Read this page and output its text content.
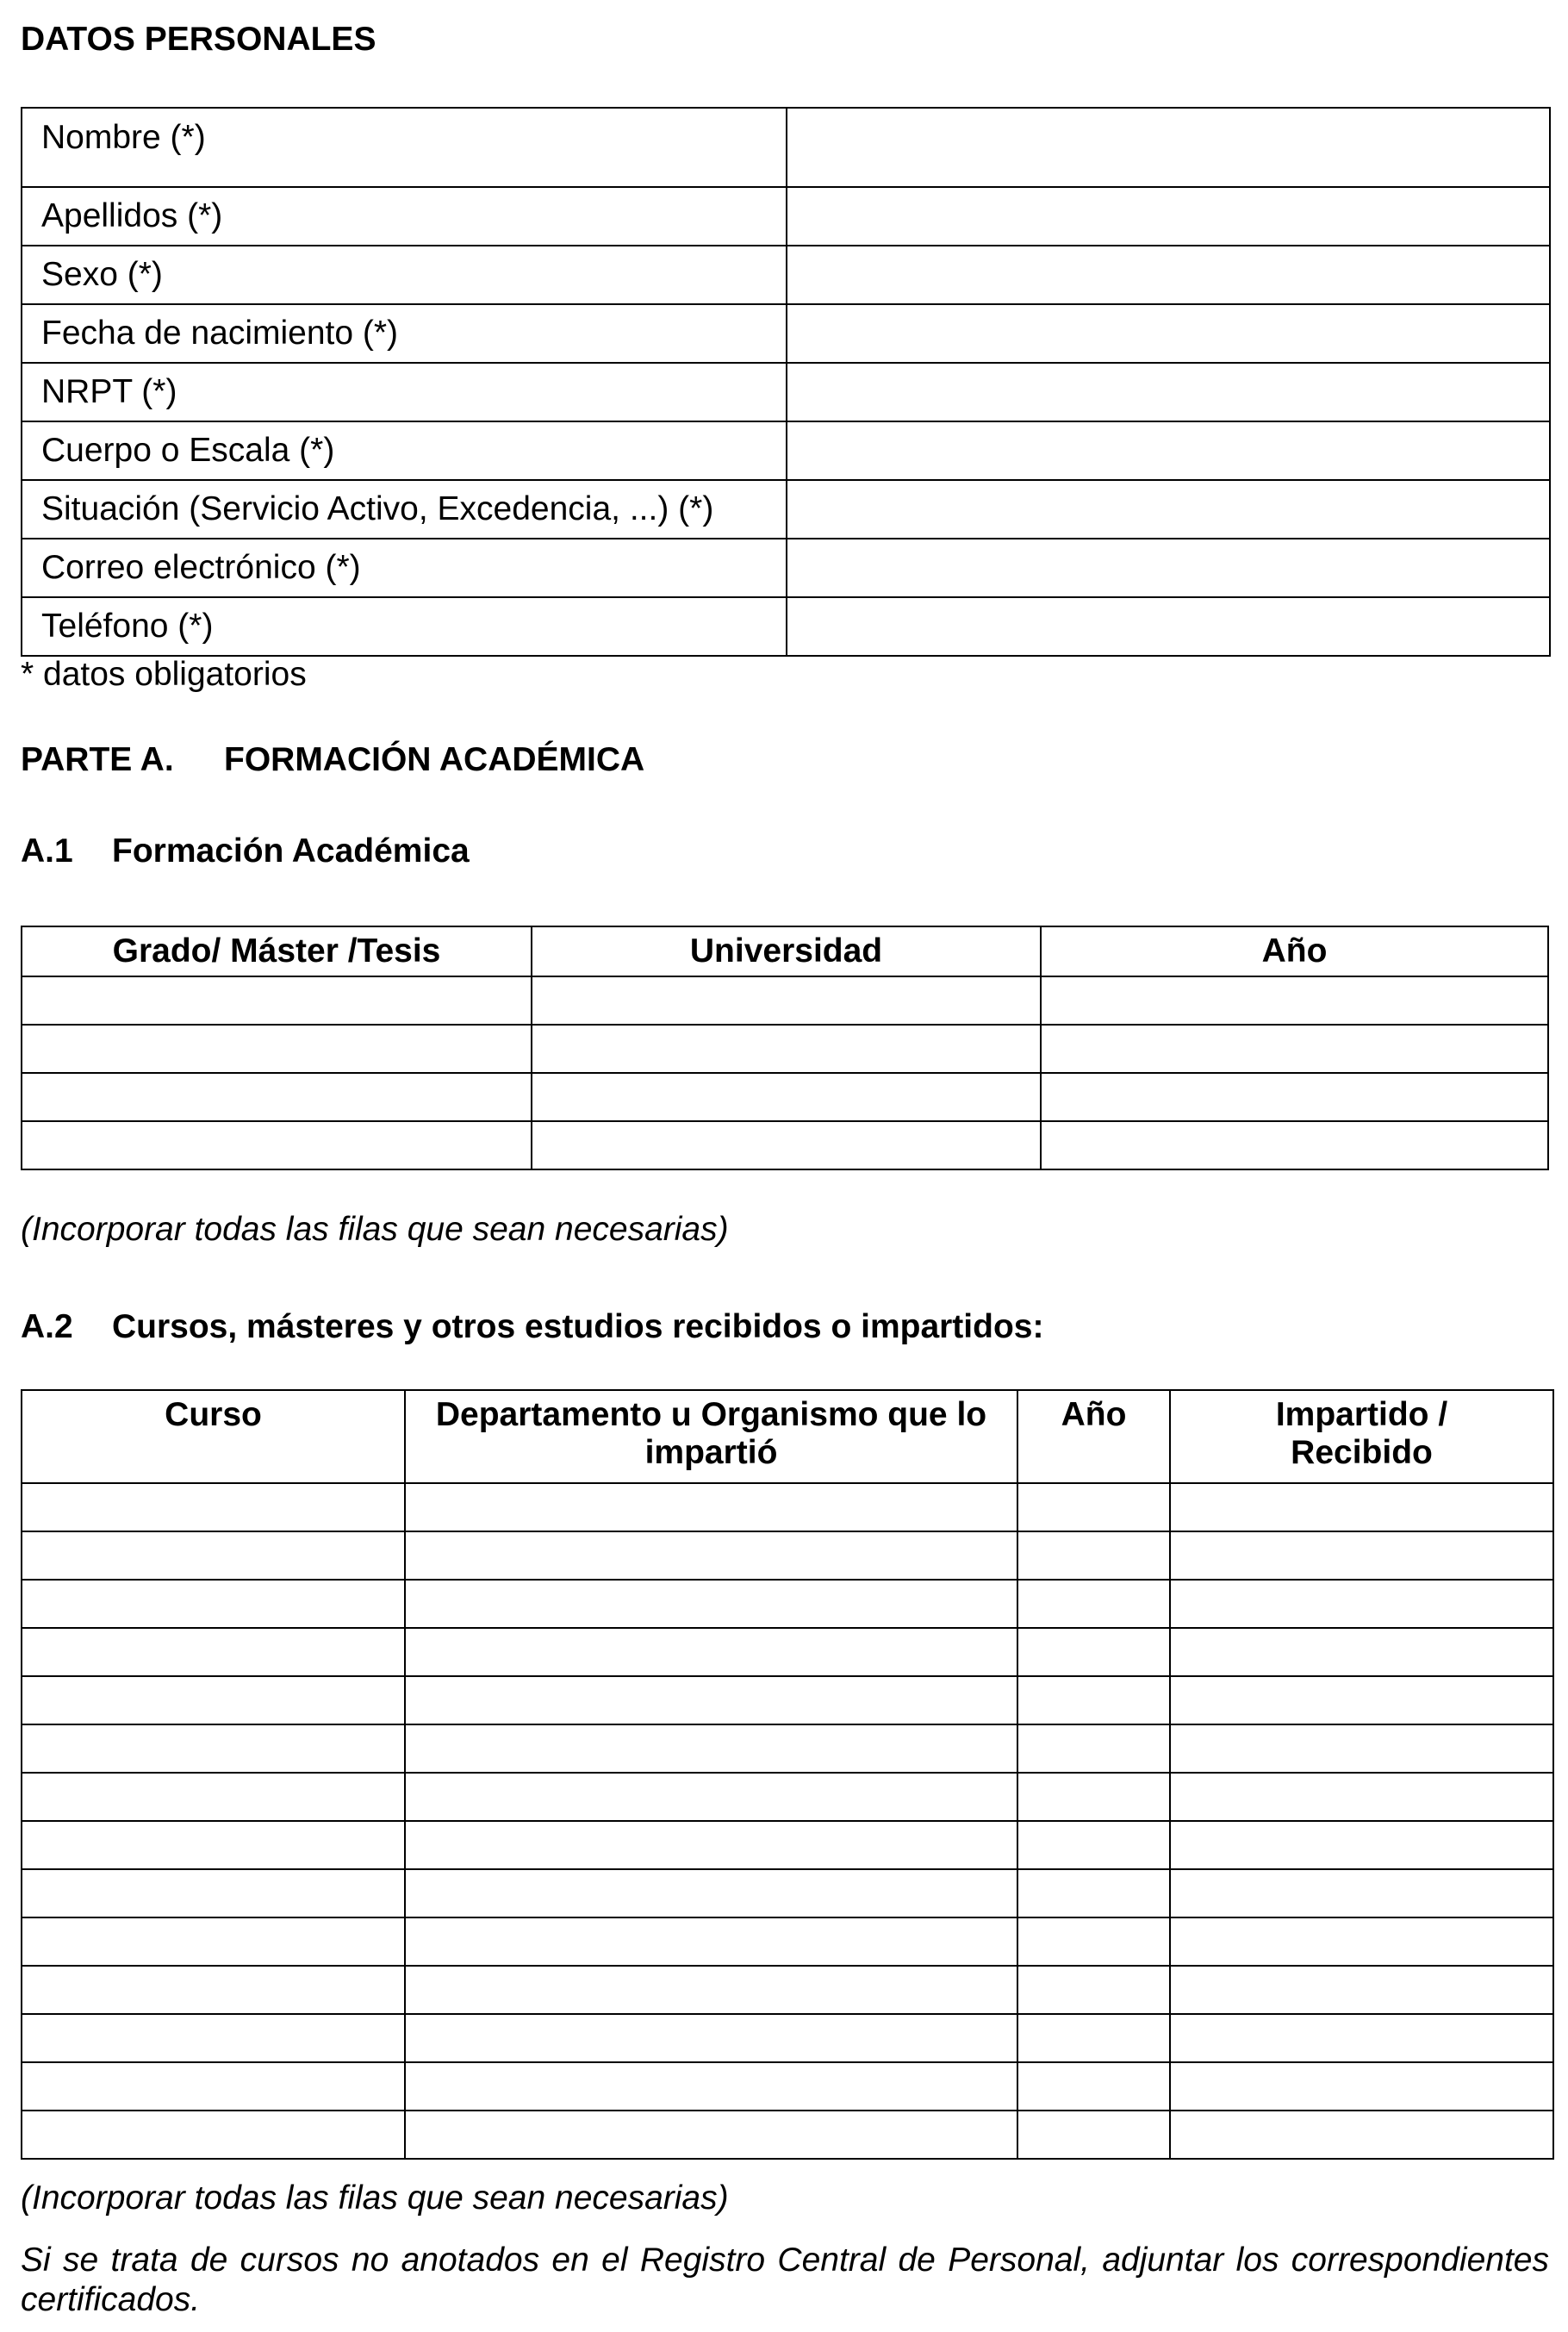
DATOS PERSONALES
Nombre (*)	
Apellidos (*)	
Sexo (*)	
Fecha de nacimiento (*)	
NRPT (*)	
Cuerpo o Escala (*)	
Situación (Servicio Activo, Excedencia, ...) (*)	
Correo electrónico (*)	
Teléfono (*)	
* datos obligatorios
PARTE A. FORMACIÓN ACADÉMICA
A.1 Formación Académica
Grado/ Máster /Tesis	Universidad	Año

(Incorporar todas las filas que sean necesarias)
A.2 Cursos, másteres y otros estudios recibidos o impartidos:
Curso	Departamento u Organismo que lo impartió	Año	Impartido / Recibido

(Incorporar todas las filas que sean necesarias)
Si se trata de cursos no anotados en el Registro Central de Personal, adjuntar los correspondientes certificados.
